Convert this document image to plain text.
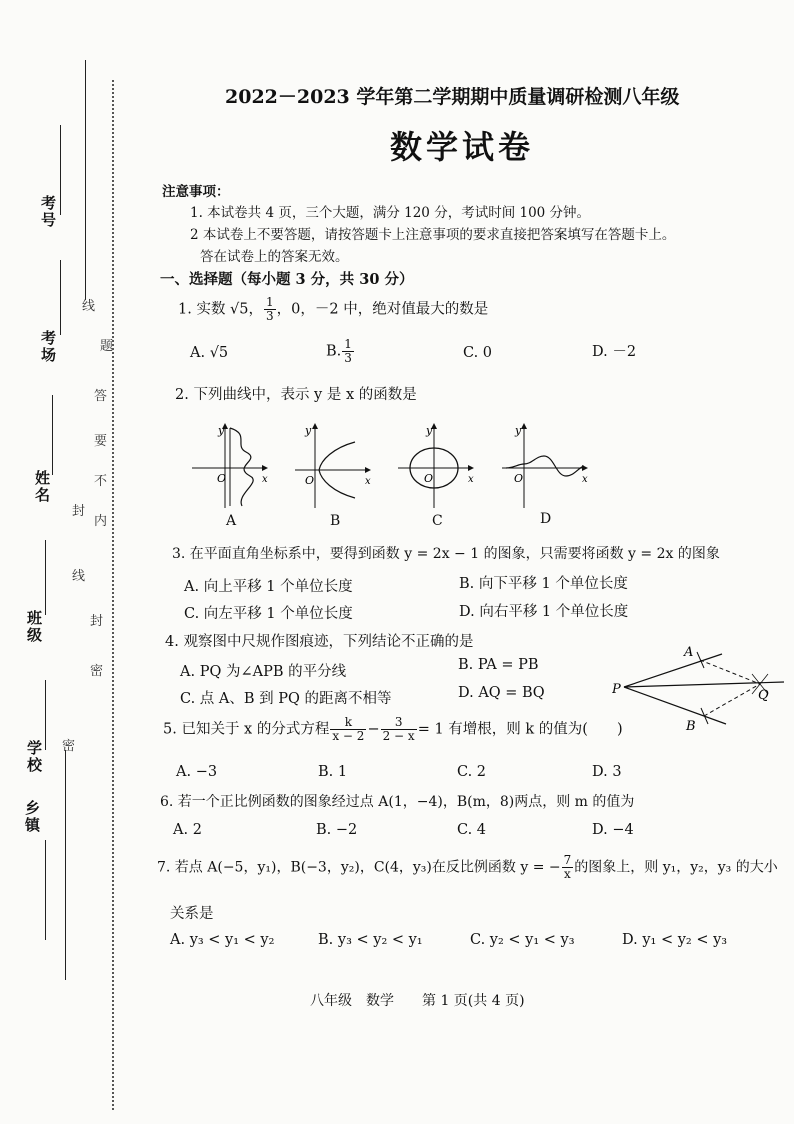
考号
考场
姓名
班级
学校
乡镇
线
题
答
要
不
内
封
线
封
密
密
2022－2023 学年第二学期期中质量调研检测八年级
数学试卷
注意事项：
1. 本试卷共 4 页，三个大题，满分 120 分，考试时间 100 分钟。
2 本试卷上不要答题，请按答题卡上注意事项的要求直接把答案填写在答题卡上。
答在试卷上的答案无效。
一、选择题（每小题 3 分，共 30 分）
1. 实数 √5， $\frac{1}{3}$ ，0，－2 中，绝对值最大的数是
A. √5	B. $\frac{1}{3}$	C. 0	D. －2
2. 下列曲线中，表示 y 是 x 的函数是
y
O	x
y
O	x
y
O	x
y
O	x
A	B	C	D
3. 在平面直角坐标系中，要得到函数 y = 2x − 1 的图象，只需要将函数 y = 2x 的图象
A. 向上平移 1 个单位长度	B. 向下平移 1 个单位长度
C. 向左平移 1 个单位长度	D. 向右平移 1 个单位长度
4. 观察图中尺规作图痕迹，下列结论不正确的是
A. PQ 为∠APB 的平分线	B. PA = PB
C. 点 A、B 到 PQ 的距离不相等	D. AQ = BQ
A
P	Q
B
5. 已知关于 x 的分式方程 $\frac{k}{x - 2} - \frac{3}{2 - x} = 1$ 有增根，则 k 的值为(　　)
A. −3	B. 1	C. 2	D. 3
6. 若一个正比例函数的图象经过点 A(1，−4)，B(m，8)两点，则 m 的值为
A. 2	B. −2	C. 4	D. −4
7. 若点 A(−5，y₁)，B(−3，y₂)，C(4，y₃)在反比例函数 y = − $\frac{7}{x}$ 的图象上，则 y₁，y₂，y₃ 的大小
关系是
A. y₃ < y₁ < y₂	B. y₃ < y₂ < y₁	C. y₂ < y₁ < y₃	D. y₁ < y₂ < y₃
八年级　数学　　第 1 页(共 4 页)
